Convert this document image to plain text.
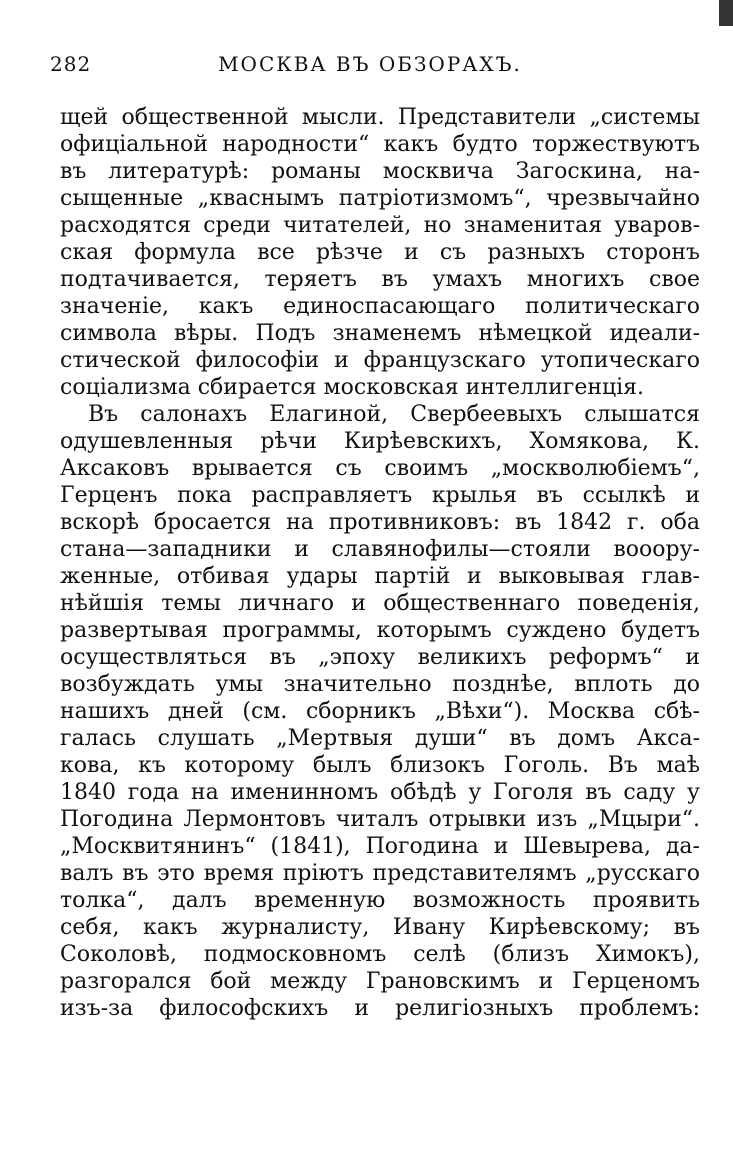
282	МОСКВА ВЪ ОБЗОРАХЪ.
щей общественной мысли. Представители „системы
офиціальной народности“ какъ будто торжествуютъ
въ литературѣ: романы москвича Загоскина, на-
сыщенные „кваснымъ патріотизмомъ“, чрезвычайно
расходятся среди читателей, но знаменитая уваров-
ская формула все рѣзче и съ разныхъ сторонъ
подтачивается, теряетъ въ умахъ многихъ свое
значеніе, какъ единоспасающаго политическаго
символа вѣры. Подъ знаменемъ нѣмецкой идеали-
стической философіи и французскаго утопическаго
соціализма сбирается московская интеллигенція.
Въ салонахъ Елагиной, Свербеевыхъ слышатся
одушевленныя рѣчи Кирѣевскихъ, Хомякова, К.
Аксаковъ врывается съ своимъ „москволюбіемъ“,
Герценъ пока расправляетъ крылья въ ссылкѣ и
вскорѣ бросается на противниковъ: въ 1842 г. оба
стана—западники и славянофилы—стояли вооору-
женные, отбивая удары партій и выковывая глав-
нѣйшія темы личнаго и общественнаго поведенія,
развертывая программы, которымъ суждено будетъ
осуществляться въ „эпоху великихъ реформъ“ и
возбуждать умы значительно позднѣе, вплоть до
нашихъ дней (см. сборникъ „Вѣхи“). Москва сбѣ-
галась слушать „Мертвыя души“ въ домъ Акса-
кова, къ которому былъ близокъ Гоголь. Въ маѣ
1840 года на именинномъ обѣдѣ у Гоголя въ саду у
Погодина Лермонтовъ читалъ отрывки изъ „Мцыри“.
„Москвитянинъ“ (1841), Погодина и Шевырева, да-
валъ въ это время пріютъ представителямъ „русскаго
толка“, далъ временную возможность проявить
себя, какъ журналисту, Ивану Кирѣевскому; въ
Соколовѣ, подмосковномъ селѣ (близъ Химокъ),
разгорался бой между Грановскимъ и Герценомъ
изъ-за философскихъ и религіозныхъ проблемъ:
